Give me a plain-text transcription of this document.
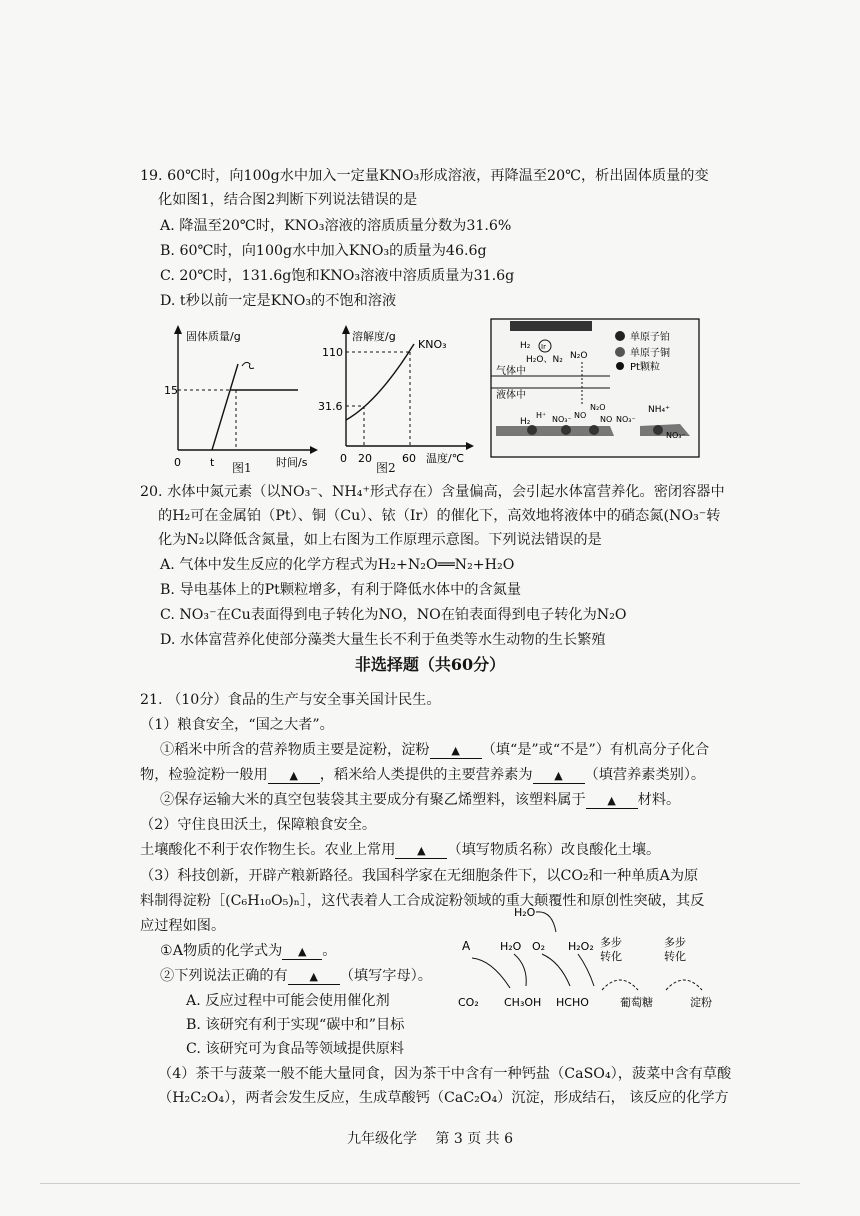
19. 60℃时，向100g水中加入一定量KNO₃形成溶液，再降温至20℃，析出固体质量的变
化如图1，结合图2判断下列说法错误的是
A. 降温至20℃时，KNO₃溶液的溶质质量分数为31.6%
B. 60℃时，向100g水中加入KNO₃的质量为46.6g
C. 20℃时，131.6g饱和KNO₃溶液中溶质质量为31.6g
D. t秒以前一定是KNO₃的不饱和溶液
固体质量/g
15
0	t	时间/s
图1
溶解度/g
KNO₃
110
31.6
0 20	60 温度/℃
图2
Ir
单原子铂
单原子铜
Pt颗粒
H₂
H₂O、N₂ N₂O
气体中
液体中
H₂
H⁺ NO₃⁻ NO
N₂O
NO NO₃⁻
NH₄⁺
NO₃⁻
20. 水体中氮元素（以NO₃⁻、NH₄⁺形式存在）含量偏高，会引起水体富营养化。密闭容器中
的H₂可在金属铂（Pt）、铜（Cu）、铱（Ir）的催化下，高效地将液体中的硝态氮(NO₃⁻转
化为N₂以降低含氮量，如上右图为工作原理示意图。下列说法错误的是
A. 气体中发生反应的化学方程式为H₂+N₂O══N₂+H₂O
B. 导电基体上的Pt颗粒增多，有利于降低水体中的含氮量
C. NO₃⁻在Cu表面得到电子转化为NO，NO在铂表面得到电子转化为N₂O
D. 水体富营养化使部分藻类大量生长不利于鱼类等水生动物的生长繁殖
非选择题（共60分）
21. （10分）食品的生产与安全事关国计民生。
（1）粮食安全，“国之大者”。
①稻米中所含的营养物质主要是淀粉，淀粉 ▲ （填“是”或“不是”）有机高分子化合
物，检验淀粉一般用 ▲ ，稻米给人类提供的主要营养素为 ▲ （填营养素类别）。
②保存运输大米的真空包装袋其主要成分有聚乙烯塑料，该塑料属于 ▲ 材料。
（2）守住良田沃土，保障粮食安全。
土壤酸化不利于农作物生长。农业上常用 ▲ （填写物质名称）改良酸化土壤。
（3）科技创新，开辟产粮新路径。我国科学家在无细胞条件下，以CO₂和一种单质A为原
料制得淀粉［(C₆H₁₀O₅)ₙ］，这代表着人工合成淀粉领域的重大颠覆性和原创性突破，其反
应过程如图。
①A物质的化学式为 ▲ 。
②下列说法正确的有 ▲ （填写字母）。
A. 反应过程中可能会使用催化剂
B. 该研究有利于实现“碳中和”目标
C. 该研究可为食品等领域提供原料
H₂O
A	H₂O O₂ H₂O₂ 多步
转化
多步
转化
CO₂ CH₃OH HCHO	葡萄糖	淀粉
（4）茶干与菠菜一般不能大量同食，因为茶干中含有一种钙盐（CaSO₄），菠菜中含有草酸
（H₂C₂O₄），两者会发生反应，生成草酸钙（CaC₂O₄）沉淀，形成结石， 该反应的化学方
九年级化学　 第 3 页 共 6
